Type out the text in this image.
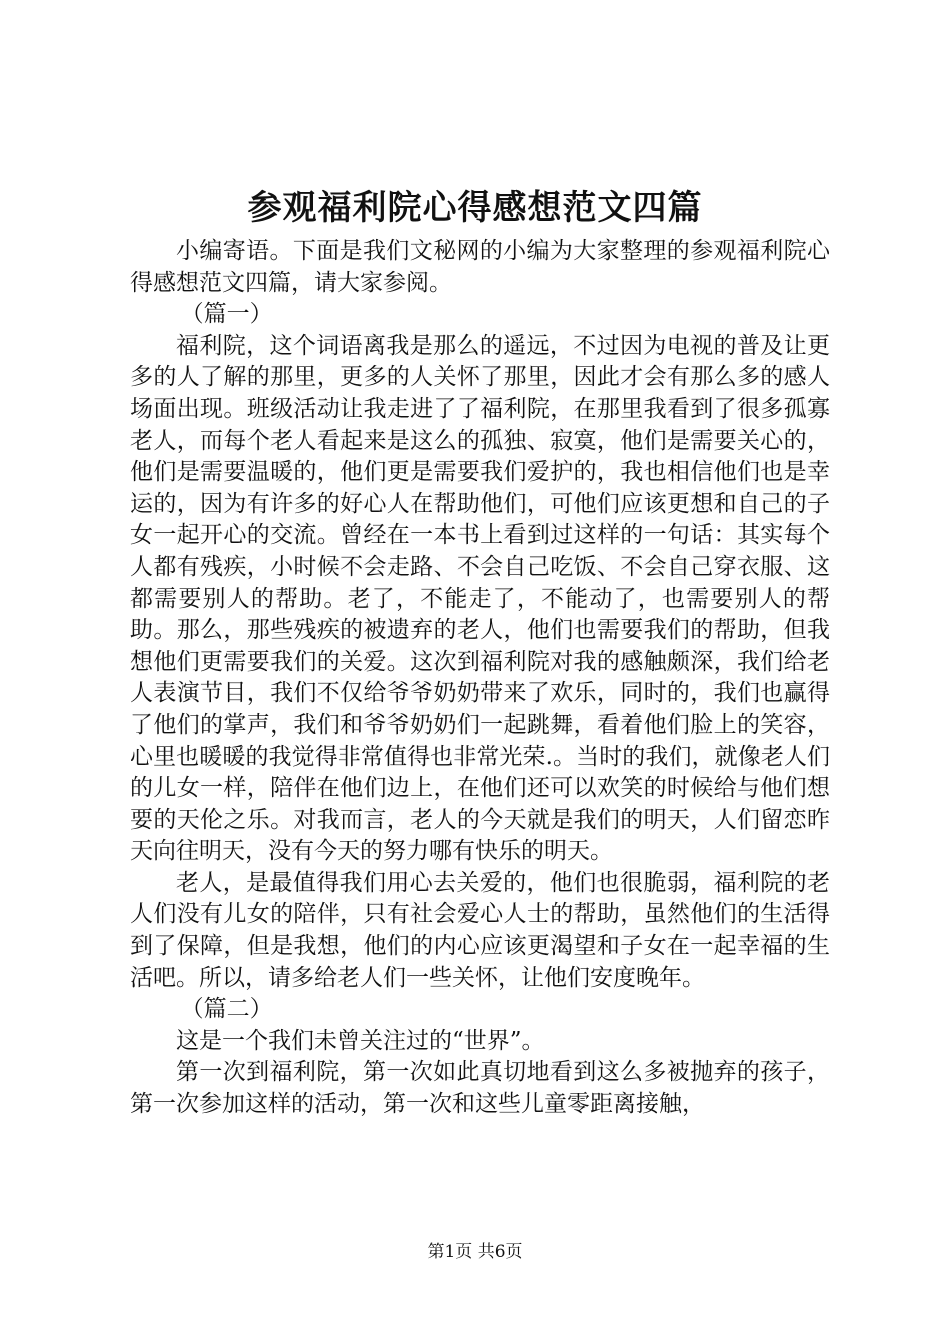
参观福利院心得感想范文四篇

小编寄语。下面是我们文秘网的小编为大家整理的参观福利院心得感想范文四篇，请大家参阅。

（篇一）

福利院，这个词语离我是那么的遥远，不过因为电视的普及让更多的人了解的那里，更多的人关怀了那里，因此才会有那么多的感人场面出现。班级活动让我走进了了福利院，在那里我看到了很多孤寡老人，而每个老人看起来是这么的孤独、寂寞，他们是需要关心的，他们是需要温暖的，他们更是需要我们爱护的，我也相信他们也是幸运的，因为有许多的好心人在帮助他们，可他们应该更想和自己的子女一起开心的交流。曾经在一本书上看到过这样的一句话：其实每个人都有残疾，小时候不会走路、不会自己吃饭、不会自己穿衣服、这都需要别人的帮助。老了，不能走了，不能动了，也需要别人的帮助。那么，那些残疾的被遗弃的老人，他们也需要我们的帮助，但我想他们更需要我们的关爱。这次到福利院对我的感触颇深，我们给老人表演节目，我们不仅给爷爷奶奶带来了欢乐，同时的，我们也赢得了他们的掌声，我们和爷爷奶奶们一起跳舞，看着他们脸上的笑容，心里也暖暖的我觉得非常值得也非常光荣.。当时的我们，就像老人们的儿女一样，陪伴在他们边上，在他们还可以欢笑的时候给与他们想要的天伦之乐。对我而言，老人的今天就是我们的明天，人们留恋昨天向往明天，没有今天的努力哪有快乐的明天。

老人，是最值得我们用心去关爱的，他们也很脆弱，福利院的老人们没有儿女的陪伴，只有社会爱心人士的帮助，虽然他们的生活得到了保障，但是我想，他们的内心应该更渴望和子女在一起幸福的生活吧。所以，请多给老人们一些关怀，让他们安度晚年。

（篇二）

这是一个我们未曾关注过的“世界”。

第一次到福利院，第一次如此真切地看到这么多被抛弃的孩子，第一次参加这样的活动，第一次和这些儿童零距离接触，

第1页 共6页
